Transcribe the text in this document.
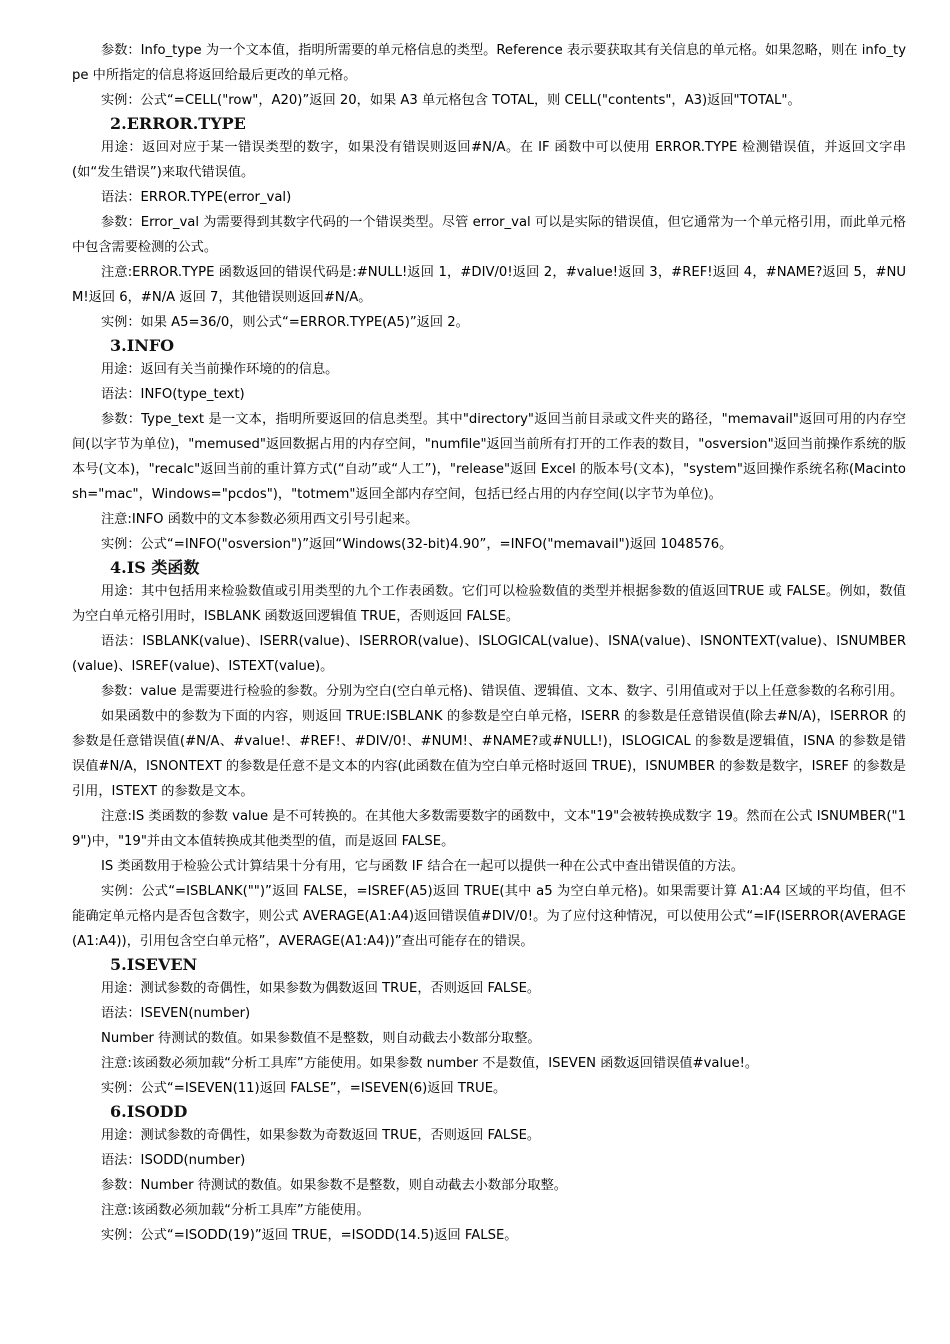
参数：Info_type 为一个文本值，指明所需要的单元格信息的类型。Reference 表示要获取其有关信息的单元格。如果忽略，则在 info_type 中所指定的信息将返回给最后更改的单元格。

实例：公式“=CELL("row"，A20)”返回 20，如果 A3 单元格包含 TOTAL，则 CELL("contents"，A3)返回"TOTAL"。

2.ERROR.TYPE

用途：返回对应于某一错误类型的数字，如果没有错误则返回#N/A。在 IF 函数中可以使用 ERROR.TYPE 检测错误值，并返回文字串(如“发生错误”)来取代错误值。

语法：ERROR.TYPE(error_val)

参数：Error_val 为需要得到其数字代码的一个错误类型。尽管 error_val 可以是实际的错误值，但它通常为一个单元格引用，而此单元格中包含需要检测的公式。

注意:ERROR.TYPE 函数返回的错误代码是:#NULL!返回 1，#DIV/0!返回 2，#value!返回 3，#REF!返回 4，#NAME?返回 5，#NUM!返回 6，#N/A 返回 7，其他错误则返回#N/A。

实例：如果 A5=36/0，则公式“=ERROR.TYPE(A5)”返回 2。

3.INFO

用途：返回有关当前操作环境的的信息。

语法：INFO(type_text)

参数：Type_text 是一文本，指明所要返回的信息类型。其中"directory"返回当前目录或文件夹的路径，"memavail"返回可用的内存空间(以字节为单位)，"memused"返回数据占用的内存空间，"numfile"返回当前所有打开的工作表的数目，"osversion"返回当前操作系统的版本号(文本)，"recalc"返回当前的重计算方式(“自动”或“人工”)，"release"返回 Excel 的版本号(文本)，"system"返回操作系统名称(Macintosh="mac"，Windows="pcdos")，"totmem"返回全部内存空间，包括已经占用的内存空间(以字节为单位)。

注意:INFO 函数中的文本参数必须用西文引号引起来。

实例：公式“=INFO("osversion")”返回“Windows(32-bit)4.90”，=INFO("memavail")返回 1048576。

4.IS 类函数

用途：其中包括用来检验数值或引用类型的九个工作表函数。它们可以检验数值的类型并根据参数的值返回TRUE 或 FALSE。例如，数值为空白单元格引用时，ISBLANK 函数返回逻辑值 TRUE，否则返回 FALSE。

语法：ISBLANK(value)、ISERR(value)、ISERROR(value)、ISLOGICAL(value)、ISNA(value)、ISNONTEXT(value)、ISNUMBER(value)、ISREF(value)、ISTEXT(value)。

参数：value 是需要进行检验的参数。分别为空白(空白单元格)、错误值、逻辑值、文本、数字、引用值或对于以上任意参数的名称引用。

如果函数中的参数为下面的内容，则返回 TRUE:ISBLANK 的参数是空白单元格，ISERR 的参数是任意错误值(除去#N/A)，ISERROR 的参数是任意错误值(#N/A、#value!、#REF!、#DIV/0!、#NUM!、#NAME?或#NULL!)，ISLOGICAL 的参数是逻辑值，ISNA 的参数是错误值#N/A，ISNONTEXT 的参数是任意不是文本的内容(此函数在值为空白单元格时返回 TRUE)，ISNUMBER 的参数是数字，ISREF 的参数是引用，ISTEXT 的参数是文本。

注意:IS 类函数的参数 value 是不可转换的。在其他大多数需要数字的函数中，文本"19"会被转换成数字 19。然而在公式 ISNUMBER("19")中，"19"并由文本值转换成其他类型的值，而是返回 FALSE。

IS 类函数用于检验公式计算结果十分有用，它与函数 IF 结合在一起可以提供一种在公式中查出错误值的方法。

实例：公式“=ISBLANK("")”返回 FALSE，=ISREF(A5)返回 TRUE(其中 a5 为空白单元格)。如果需要计算 A1:A4 区域的平均值，但不能确定单元格内是否包含数字，则公式 AVERAGE(A1:A4)返回错误值#DIV/0!。为了应付这种情况，可以使用公式“=IF(ISERROR(AVERAGE(A1:A4))，引用包含空白单元格”，AVERAGE(A1:A4))”查出可能存在的错误。

5.ISEVEN

用途：测试参数的奇偶性，如果参数为偶数返回 TRUE，否则返回 FALSE。

语法：ISEVEN(number)

Number 待测试的数值。如果参数值不是整数，则自动截去小数部分取整。

注意:该函数必须加载“分析工具库”方能使用。如果参数 number 不是数值，ISEVEN 函数返回错误值#value!。

实例：公式“=ISEVEN(11)返回 FALSE”，=ISEVEN(6)返回 TRUE。

6.ISODD

用途：测试参数的奇偶性，如果参数为奇数返回 TRUE，否则返回 FALSE。

语法：ISODD(number)

参数：Number 待测试的数值。如果参数不是整数，则自动截去小数部分取整。

注意:该函数必须加载“分析工具库”方能使用。

实例：公式“=ISODD(19)”返回 TRUE，=ISODD(14.5)返回 FALSE。
